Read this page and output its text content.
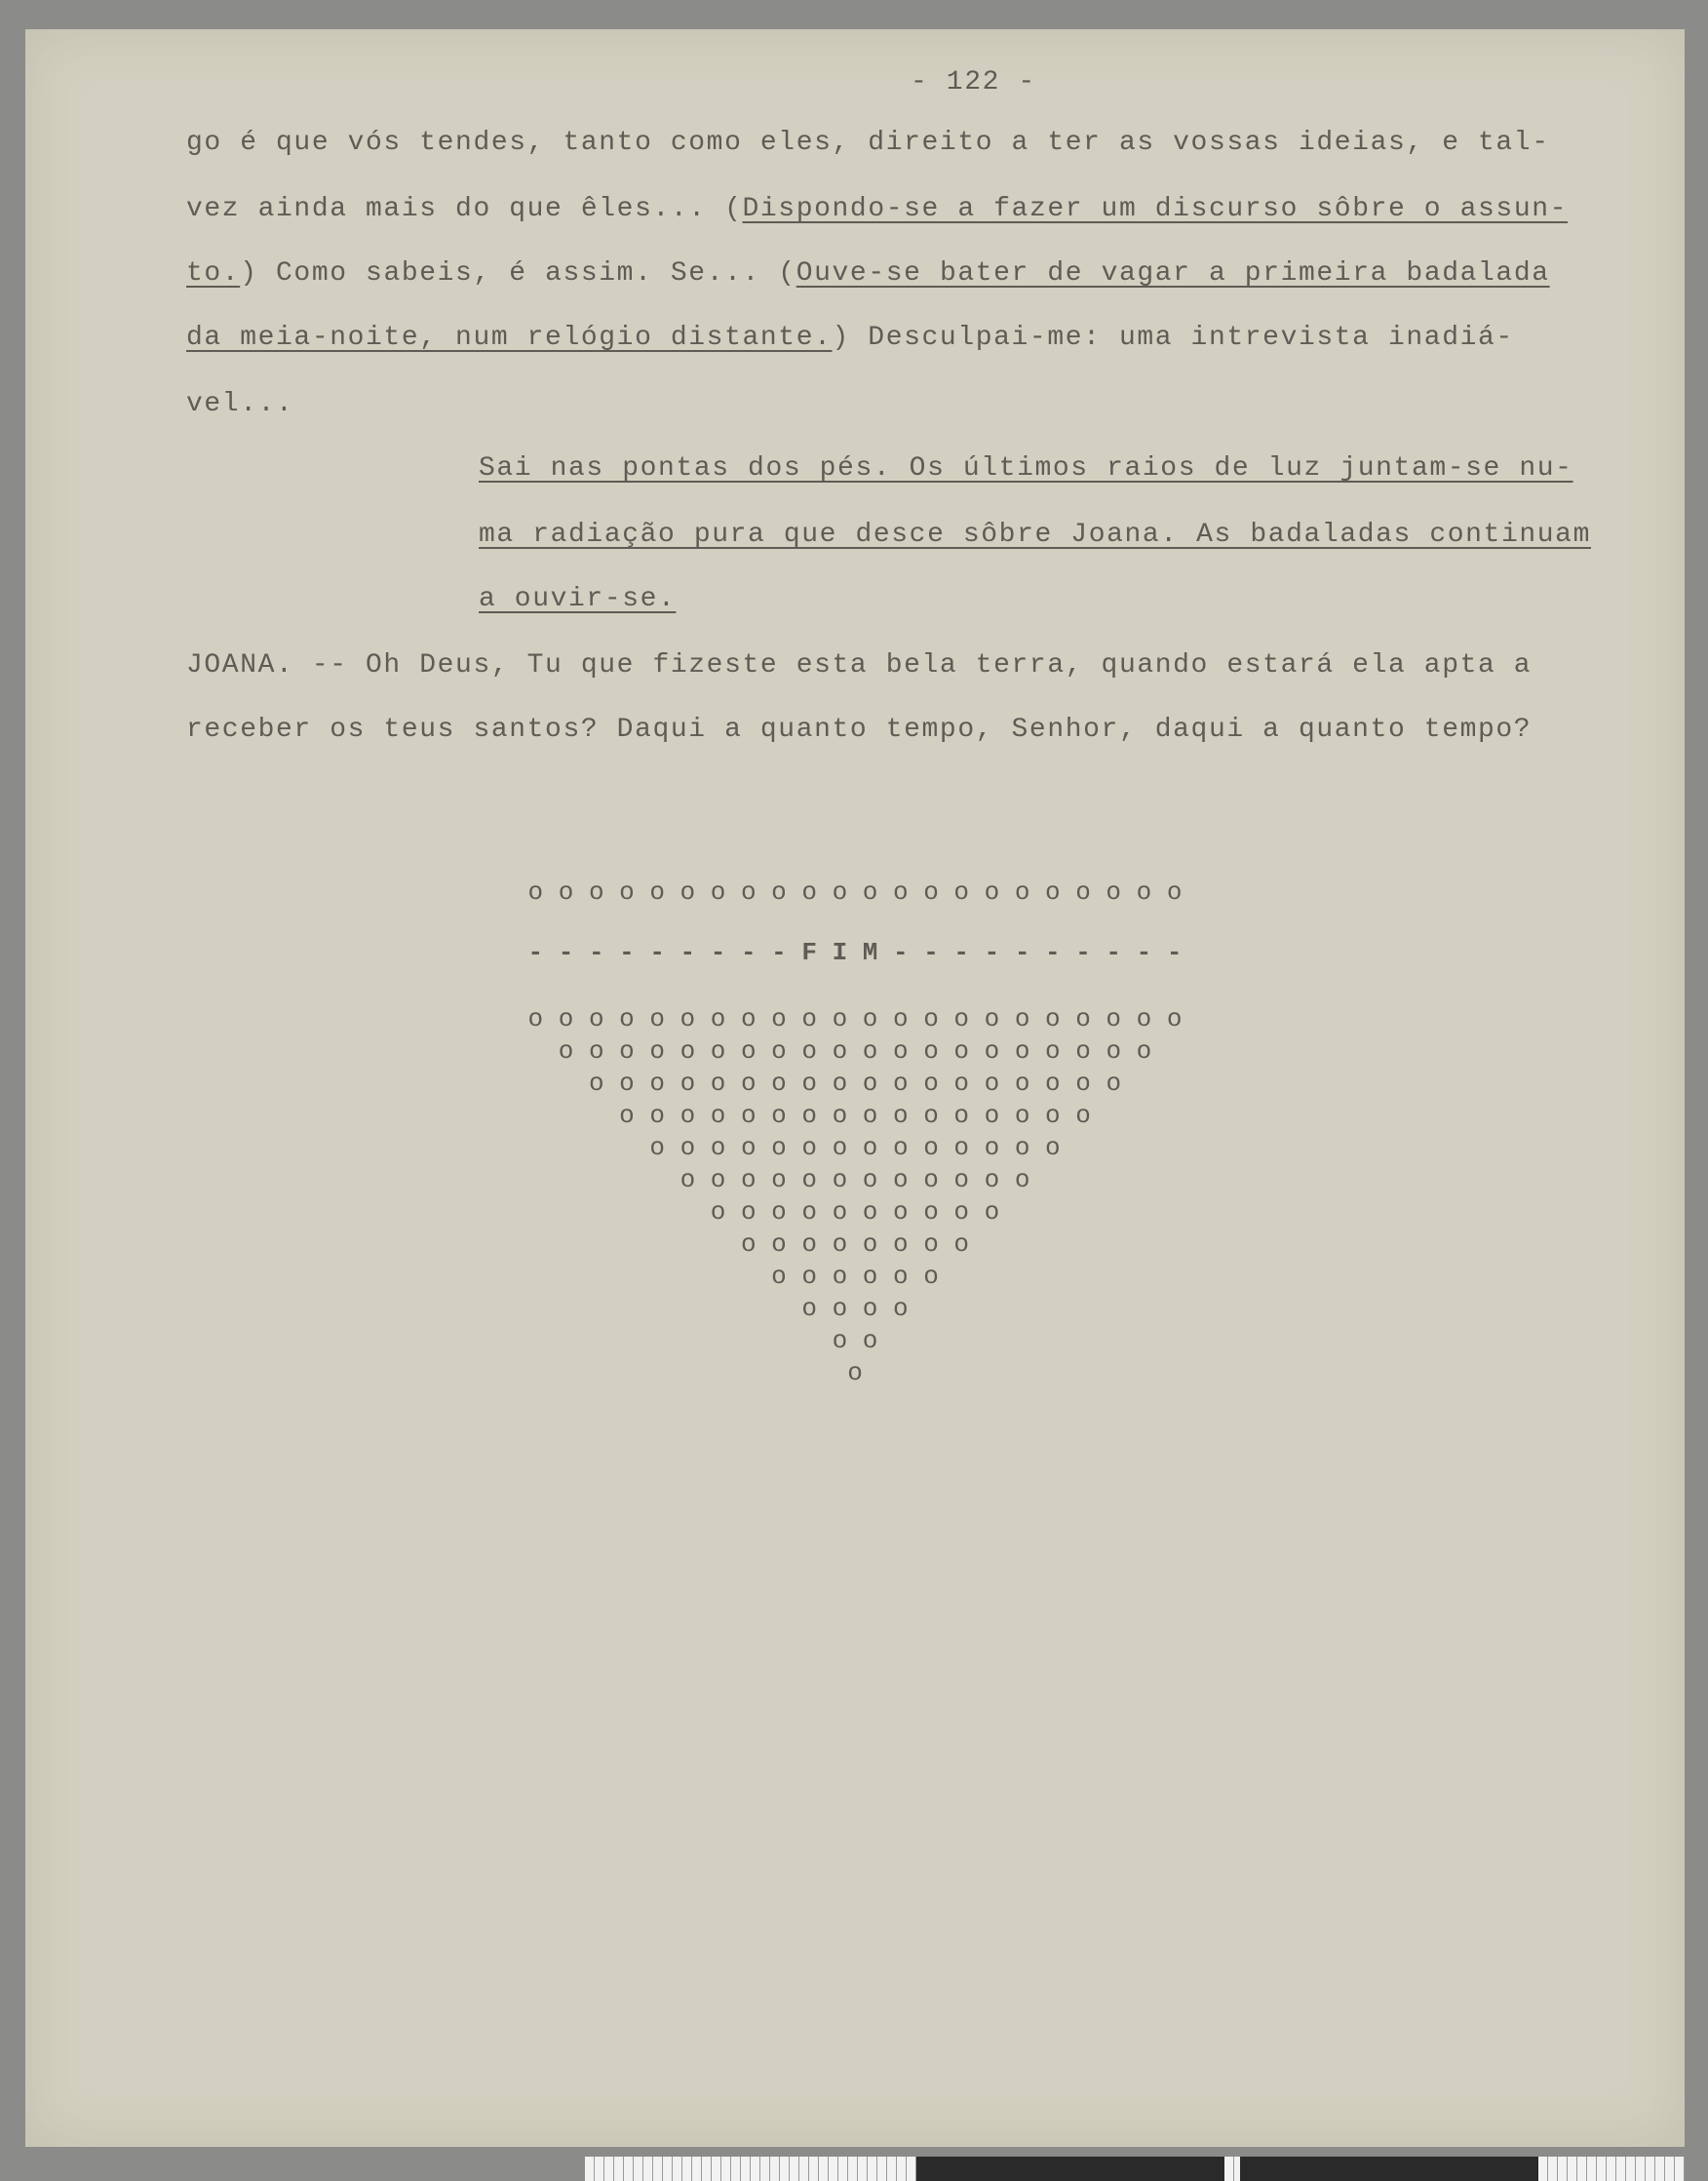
- 122 -

go é que vós tendes, tanto como eles, direito a ter as vossas ideias, e tal-

vez ainda mais do que êles... (Dispondo-se a fazer um discurso sôbre o assun-

to.) Como sabeis, é assim. Se... (Ouve-se bater de vagar a primeira badalada

da meia-noite, num relógio distante.) Desculpai-me: uma intrevista inadiá-

vel...

Sai nas pontas dos pés. Os últimos raios de luz juntam-se nu-

ma radiação pura que desce sôbre Joana. As badaladas continuam

a ouvir-se.

JOANA. -- Oh Deus, Tu que fizeste esta bela terra, quando estará ela apta a

receber os teus santos? Daqui a quanto tempo, Senhor, daqui a quanto tempo?

o o o o o o o o o o o o o o o o o o o o o o

- - - - - - - - - F I M - - - - - - - - - -

o o o o o o o o o o o o o o o o o o o o o o

o o o o o o o o o o o o o o o o o o o o

o o o o o o o o o o o o o o o o o o

o o o o o o o o o o o o o o o o

o o o o o o o o o o o o o o

o o o o o o o o o o o o

o o o o o o o o o o

o o o o o o o o

o o o o o o

o o o o

o o

o
